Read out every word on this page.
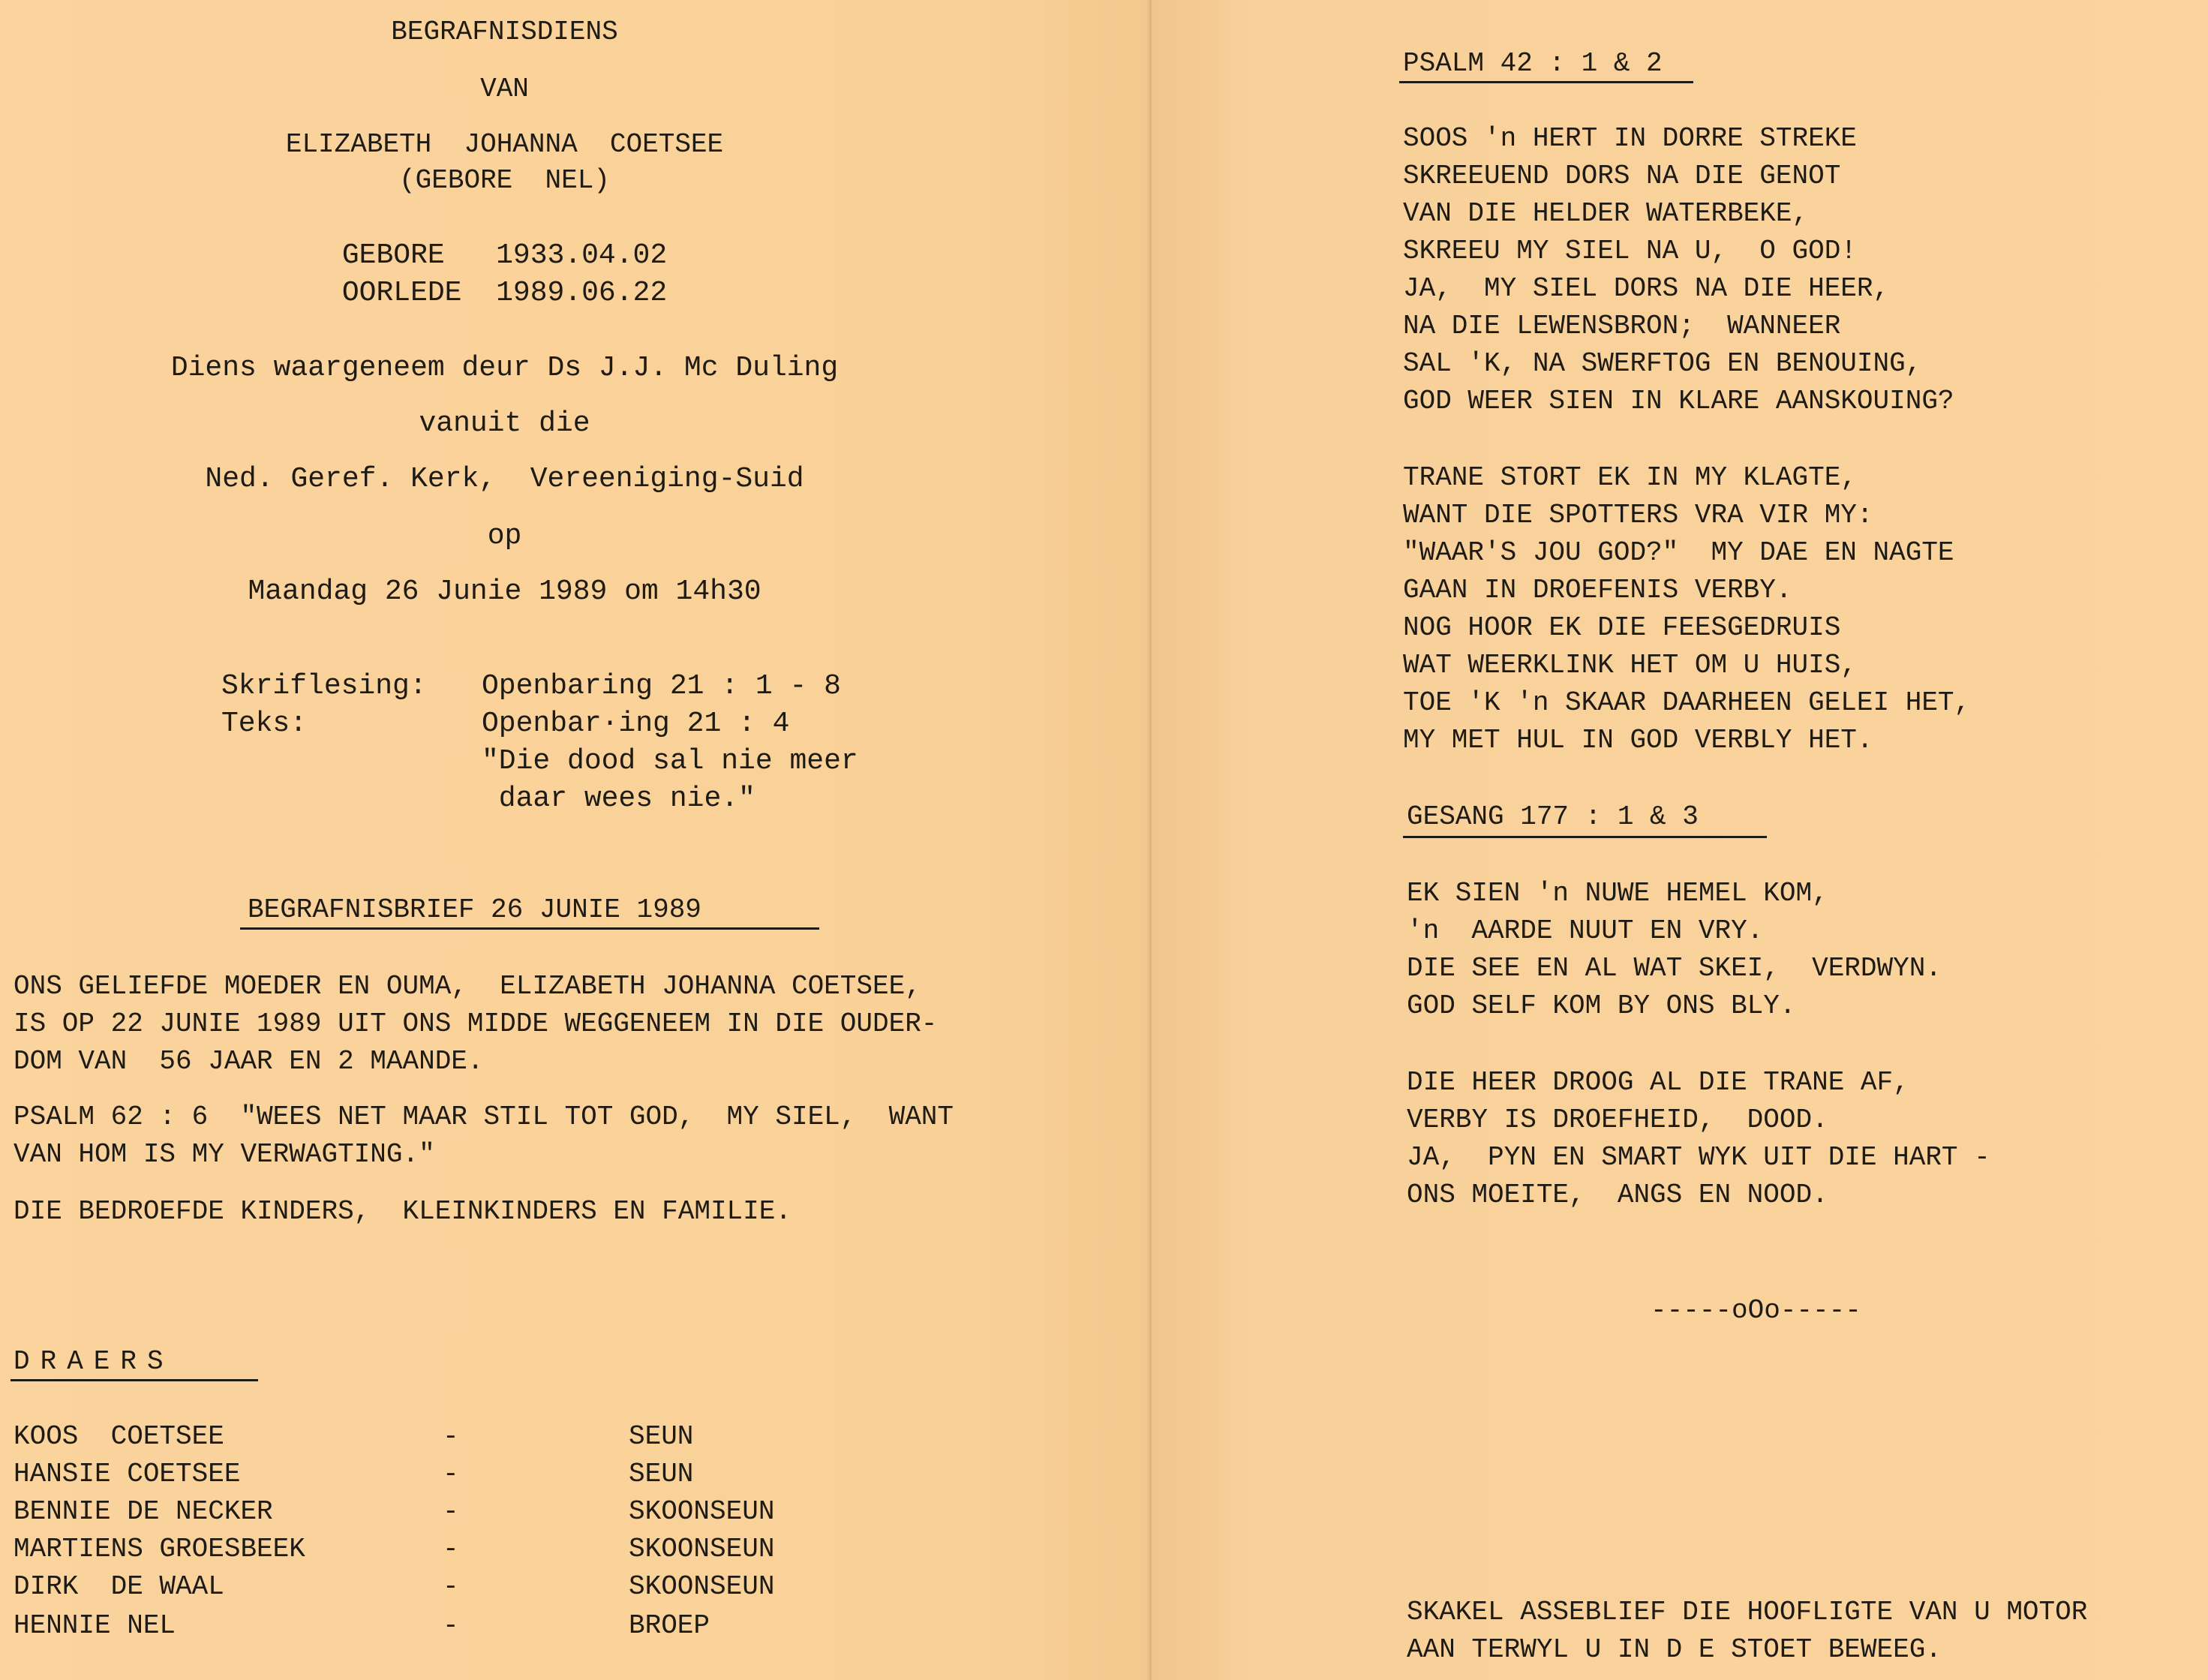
BEGRAFNISDIENS
VAN
ELIZABETH  JOHANNA  COETSEE
(GEBORE  NEL)
GEBORE   1933.04.02
OORLEDE  1989.06.22
Diens waargeneem deur Ds J.J. Mc Duling
vanuit die
Ned. Geref. Kerk,  Vereeniging-Suid
op
Maandag 26 Junie 1989 om 14h30
Skriflesing: Openbaring 21 : 1 - 8
Teks:	Openbar·ing 21 : 4
"Die dood sal nie meer
daar wees nie."
BEGRAFNISBRIEF 26 JUNIE 1989
ONS GELIEFDE MOEDER EN OUMA,  ELIZABETH JOHANNA COETSEE,
IS OP 22 JUNIE 1989 UIT ONS MIDDE WEGGENEEM IN DIE OUDER-
DOM VAN  56 JAAR EN 2 MAANDE.
PSALM 62 : 6  "WEES NET MAAR STIL TOT GOD,  MY SIEL,  WANT
VAN HOM IS MY VERWAGTING."
DIE BEDROEFDE KINDERS,  KLEINKINDERS EN FAMILIE.
DRAERS
KOOS  COETSEE	-	SEUN
HANSIE COETSEE	-	SEUN
BENNIE DE NECKER	-	SKOONSEUN
MARTIENS GROESBEEK	-	SKOONSEUN
DIRK  DE WAAL	-	SKOONSEUN
HENNIE NEL	-	BROEP
PSALM 42 : 1 & 2
SOOS 'n HERT IN DORRE STREKE
SKREEUEND DORS NA DIE GENOT
VAN DIE HELDER WATERBEKE,
SKREEU MY SIEL NA U,  O GOD!
JA,  MY SIEL DORS NA DIE HEER,
NA DIE LEWENSBRON;  WANNEER
SAL 'K, NA SWERFTOG EN BENOUING,
GOD WEER SIEN IN KLARE AANSKOUING?
TRANE STORT EK IN MY KLAGTE,
WANT DIE SPOTTERS VRA VIR MY:
"WAAR'S JOU GOD?"  MY DAE EN NAGTE
GAAN IN DROEFENIS VERBY.
NOG HOOR EK DIE FEESGEDRUIS
WAT WEERKLINK HET OM U HUIS,
TOE 'K 'n SKAAR DAARHEEN GELEI HET,
MY MET HUL IN GOD VERBLY HET.
GESANG 177 : 1 & 3
EK SIEN 'n NUWE HEMEL KOM,
'n  AARDE NUUT EN VRY.
DIE SEE EN AL WAT SKEI,  VERDWYN.
GOD SELF KOM BY ONS BLY.
DIE HEER DROOG AL DIE TRANE AF,
VERBY IS DROEFHEID,  DOOD.
JA,  PYN EN SMART WYK UIT DIE HART -
ONS MOEITE,  ANGS EN NOOD.
-----oOo-----
SKAKEL ASSEBLIEF DIE HOOFLIGTE VAN U MOTOR
AAN TERWYL U IN D E STOET BEWEEG.
